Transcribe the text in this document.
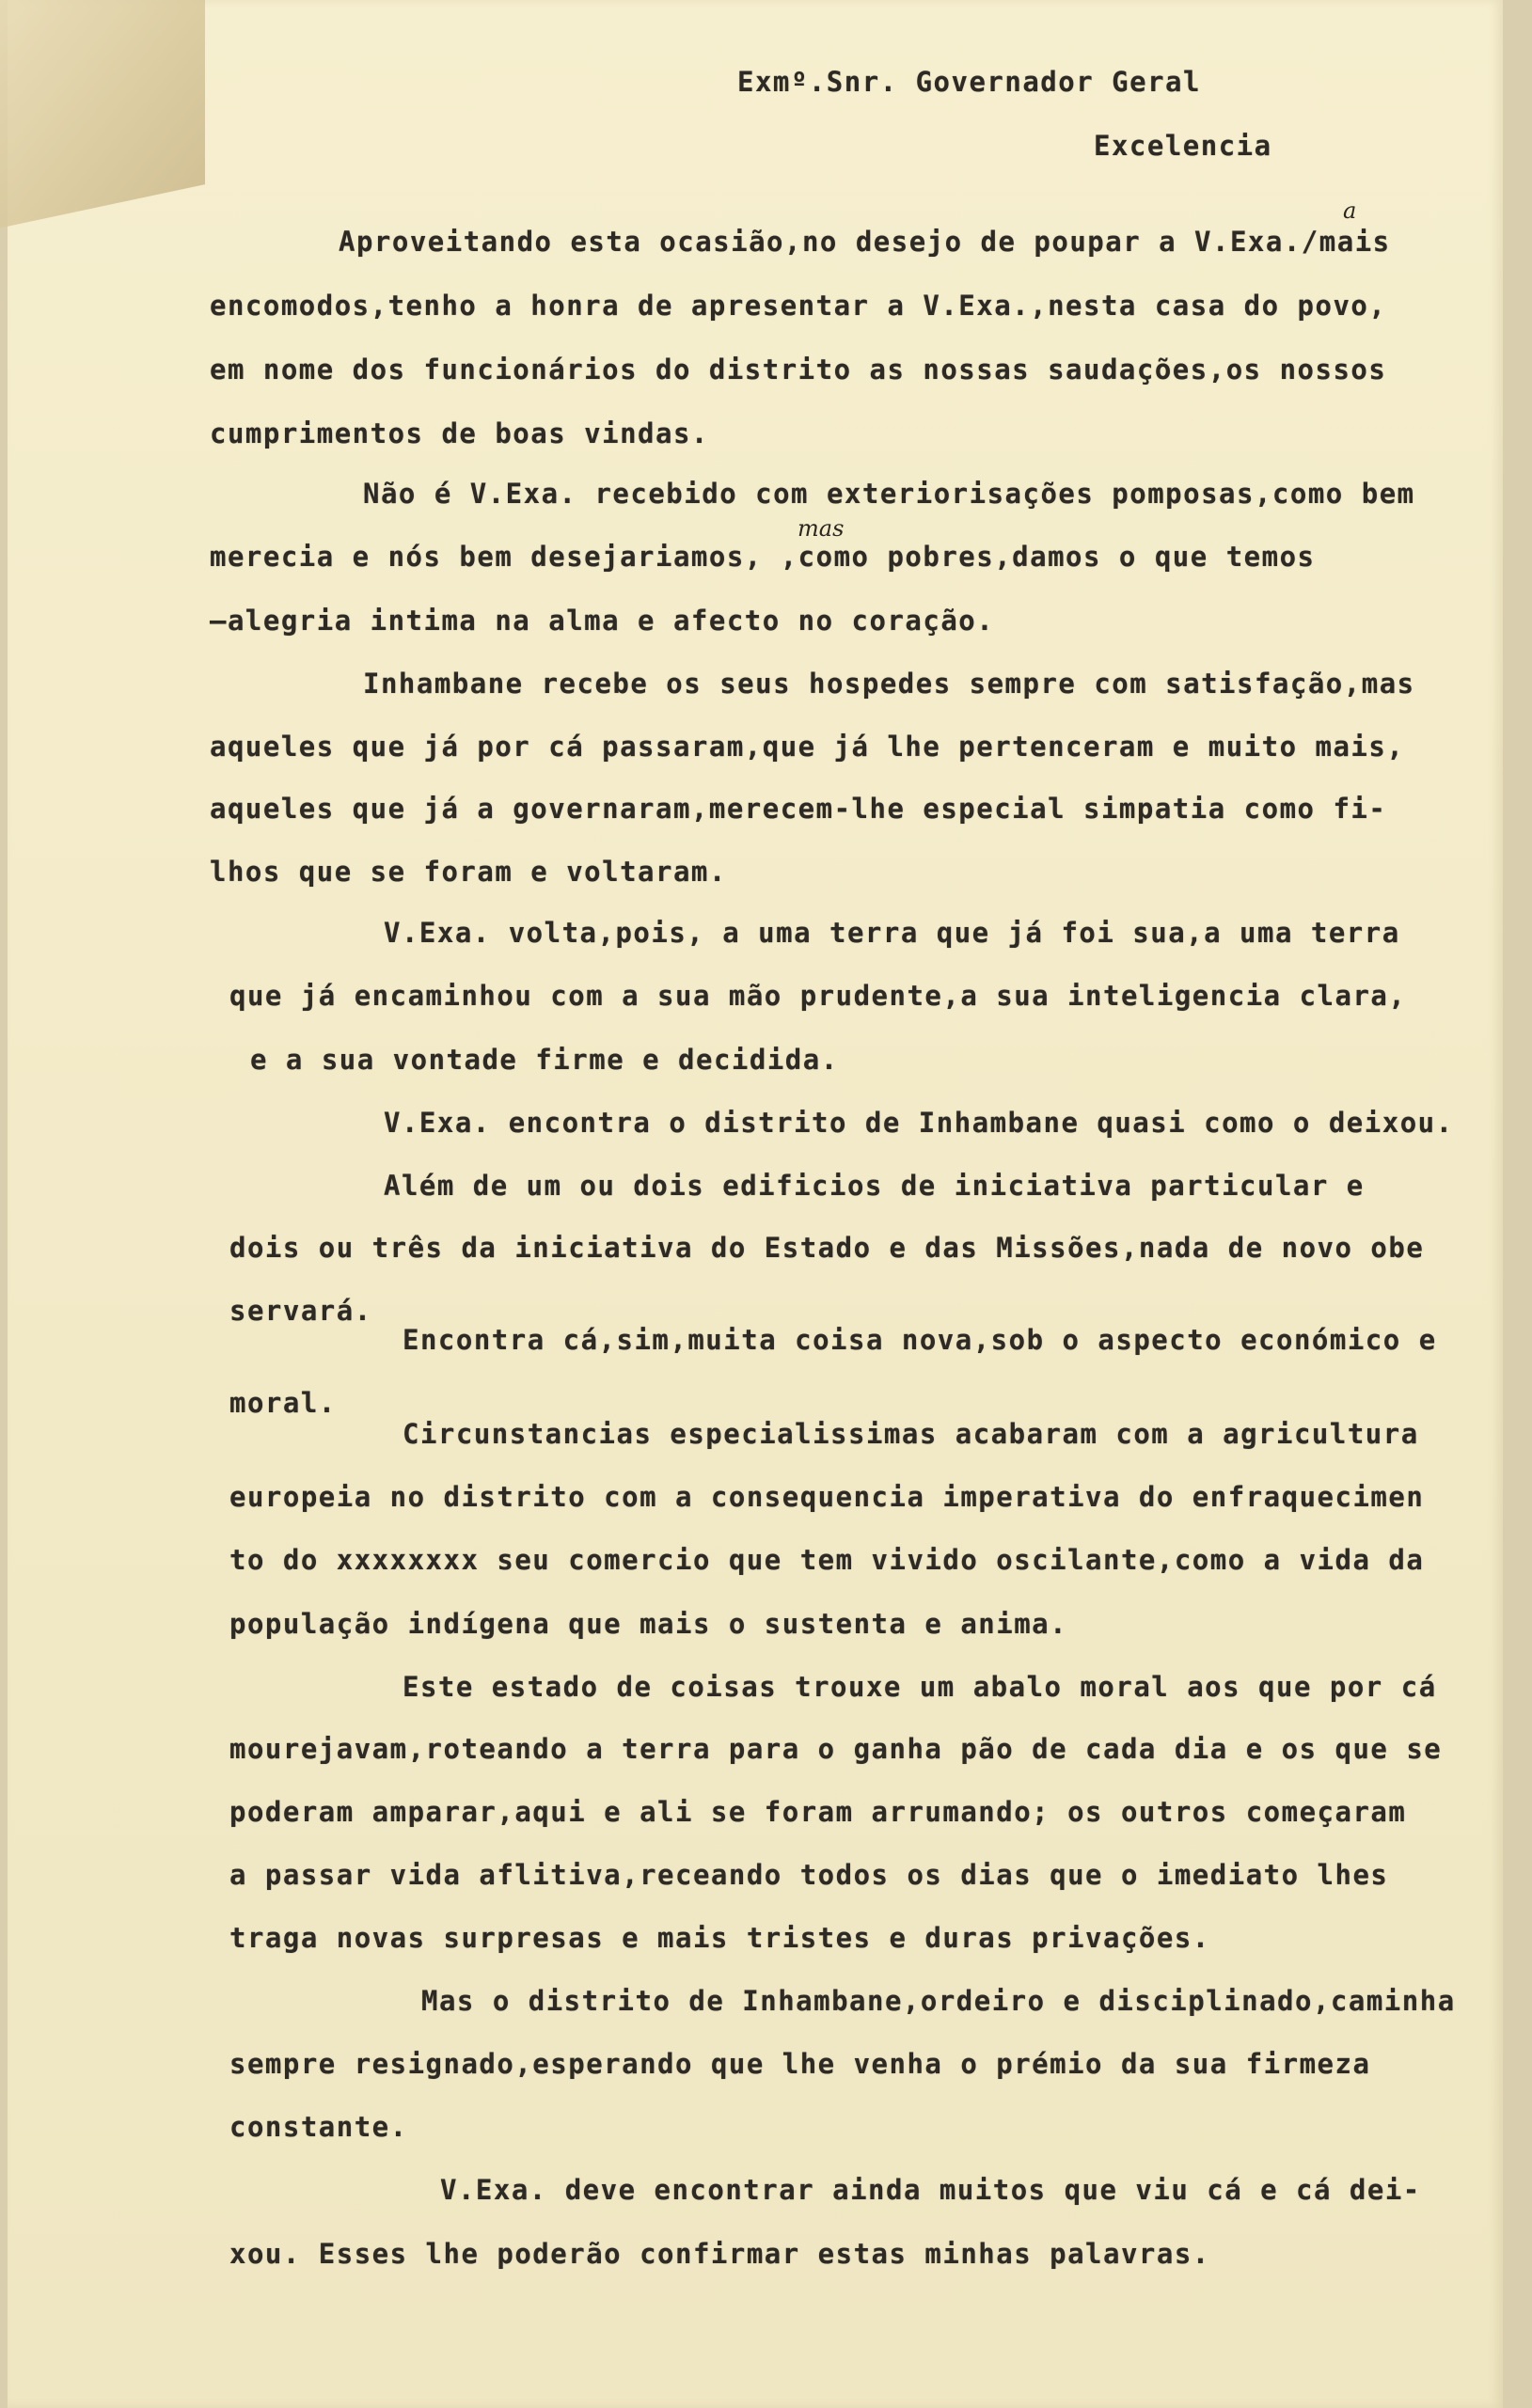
Exmº.Snr. Governador Geral
Excelencia
a
mas
Aproveitando esta ocasião,no desejo de poupar a V.Exa./mais
encomodos,tenho a honra de apresentar a V.Exa.,nesta casa do povo,
em nome dos funcionários do distrito as nossas saudações,os nossos
cumprimentos de boas vindas.
Não é V.Exa. recebido com exteriorisações pomposas,como bem
merecia e nós bem desejariamos, ,como pobres,damos o que temos
—alegria intima na alma e afecto no coração.
Inhambane recebe os seus hospedes sempre com satisfação,mas
aqueles que já por cá passaram,que já lhe pertenceram e muito mais,
aqueles que já a governaram,merecem-lhe especial simpatia como fi-
lhos que se foram e voltaram.
V.Exa. volta,pois, a uma terra que já foi sua,a uma terra
que já encaminhou com a sua mão prudente,a sua inteligencia clara,
e a sua vontade firme e decidida.
V.Exa. encontra o distrito de Inhambane quasi como o deixou.
Além de um ou dois edificios de iniciativa particular e
dois ou três da iniciativa do Estado e das Missões,nada de novo obe
servará.
Encontra cá,sim,muita coisa nova,sob o aspecto económico e
moral.
Circunstancias especialissimas acabaram com a agricultura
europeia no distrito com a consequencia imperativa do enfraquecimen
to do xxxxxxxx seu comercio que tem vivido oscilante,como a vida da
população indígena que mais o sustenta e anima.
Este estado de coisas trouxe um abalo moral aos que por cá
mourejavam,roteando a terra para o ganha pão de cada dia e os que se
poderam amparar,aqui e ali se foram arrumando; os outros começaram
a passar vida aflitiva,receando todos os dias que o imediato lhes
traga novas surpresas e mais tristes e duras privações.
Mas o distrito de Inhambane,ordeiro e disciplinado,caminha
sempre resignado,esperando que lhe venha o prémio da sua firmeza
constante.
V.Exa. deve encontrar ainda muitos que viu cá e cá dei-
xou. Esses lhe poderão confirmar estas minhas palavras.
